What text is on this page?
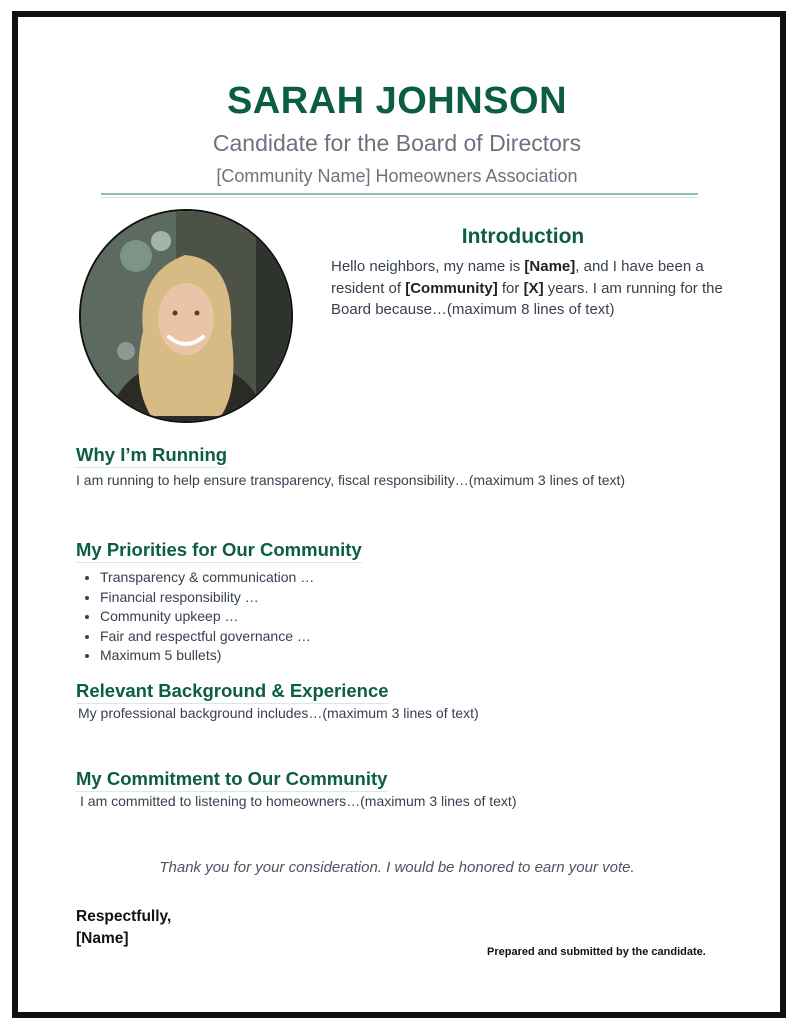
SARAH JOHNSON
Candidate for the Board of Directors
[Community Name] Homeowners Association
Introduction
Hello neighbors, my name is [Name], and I have been a resident of [Community] for [X] years. I am running for the Board because…(maximum 8 lines of text)
Why I’m Running
I am running to help ensure transparency, fiscal responsibility…(maximum 3 lines of text)
My Priorities for Our Community
• Transparency & communication …
• Financial responsibility …
• Community upkeep …
• Fair and respectful governance …
• Maximum 5 bullets)
Relevant Background & Experience
My professional background includes…(maximum 3 lines of text)
My Commitment to Our Community
I am committed to listening to homeowners…(maximum 3 lines of text)
Thank you for your consideration. I would be honored to earn your vote.
Respectfully,
[Name]
Prepared and submitted by the candidate.
